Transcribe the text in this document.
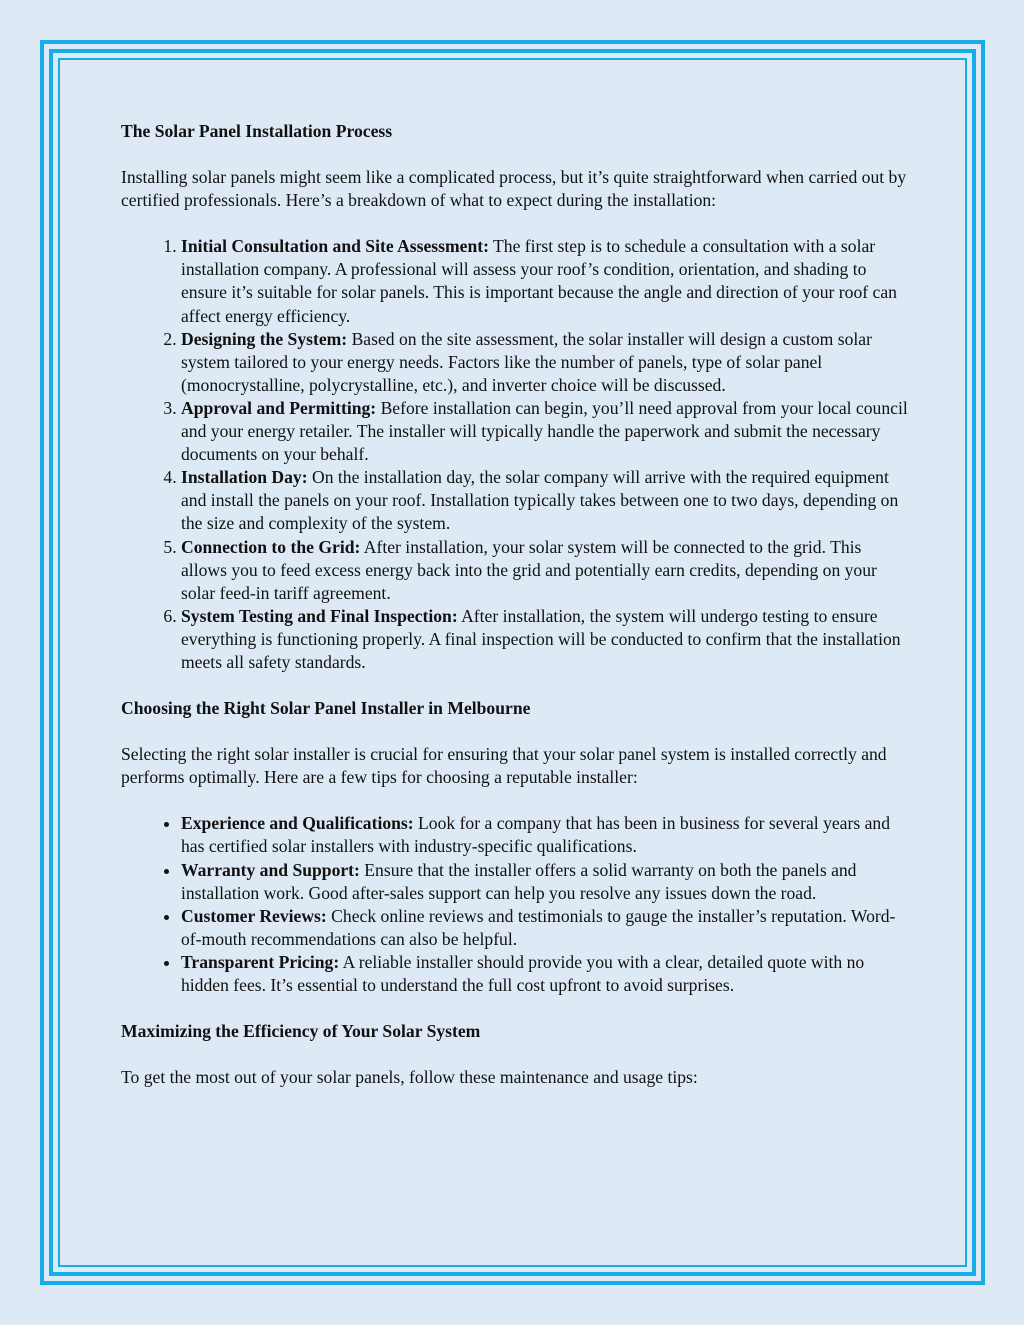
The Solar Panel Installation Process

Installing solar panels might seem like a complicated process, but it’s quite straightforward when carried out by certified professionals. Here’s a breakdown of what to expect during the installation:

1. Initial Consultation and Site Assessment: The first step is to schedule a consultation with a solar installation company. A professional will assess your roof’s condition, orientation, and shading to ensure it’s suitable for solar panels. This is important because the angle and direction of your roof can affect energy efficiency.
2. Designing the System: Based on the site assessment, the solar installer will design a custom solar system tailored to your energy needs. Factors like the number of panels, type of solar panel (monocrystalline, polycrystalline, etc.), and inverter choice will be discussed.
3. Approval and Permitting: Before installation can begin, you’ll need approval from your local council and your energy retailer. The installer will typically handle the paperwork and submit the necessary documents on your behalf.
4. Installation Day: On the installation day, the solar company will arrive with the required equipment and install the panels on your roof. Installation typically takes between one to two days, depending on the size and complexity of the system.
5. Connection to the Grid: After installation, your solar system will be connected to the grid. This allows you to feed excess energy back into the grid and potentially earn credits, depending on your solar feed-in tariff agreement.
6. System Testing and Final Inspection: After installation, the system will undergo testing to ensure everything is functioning properly. A final inspection will be conducted to confirm that the installation meets all safety standards.
Choosing the Right Solar Panel Installer in Melbourne

Selecting the right solar installer is crucial for ensuring that your solar panel system is installed correctly and performs optimally. Here are a few tips for choosing a reputable installer:

• Experience and Qualifications: Look for a company that has been in business for several years and has certified solar installers with industry-specific qualifications.
• Warranty and Support: Ensure that the installer offers a solid warranty on both the panels and installation work. Good after-sales support can help you resolve any issues down the road.
• Customer Reviews: Check online reviews and testimonials to gauge the installer’s reputation. Word-of-mouth recommendations can also be helpful.
• Transparent Pricing: A reliable installer should provide you with a clear, detailed quote with no hidden fees. It’s essential to understand the full cost upfront to avoid surprises.
Maximizing the Efficiency of Your Solar System

To get the most out of your solar panels, follow these maintenance and usage tips:
